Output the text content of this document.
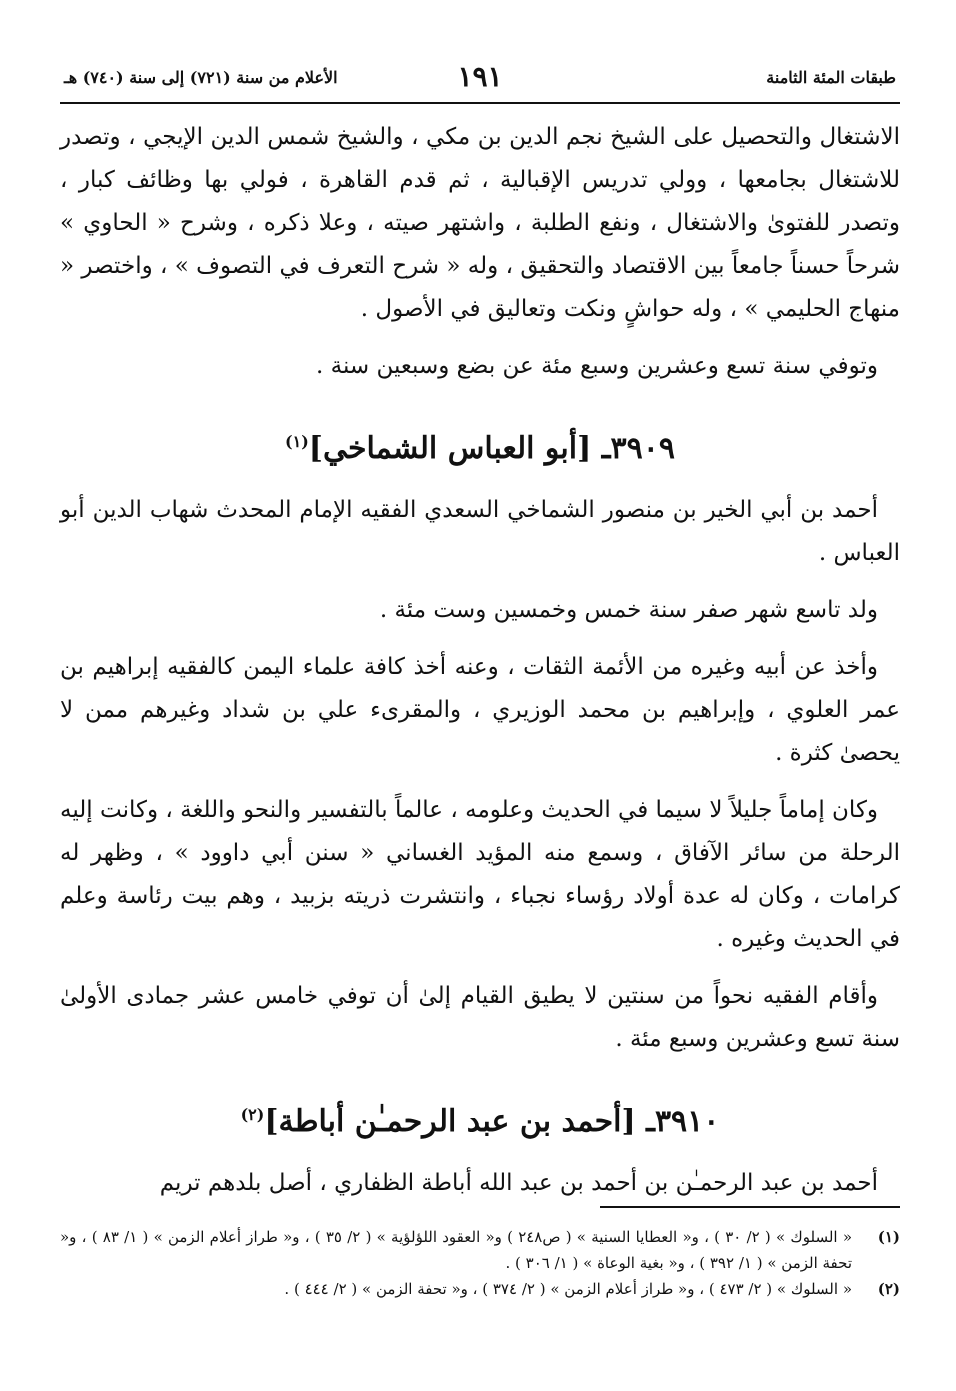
طبقات المئة الثامنة
١٩١
الأعلام من سنة (٧٢١) إلى سنة (٧٤٠) هـ

الاشتغال والتحصيل على الشيخ نجم الدين بن مكي ، والشيخ شمس الدين الإيجي ، وتصدر للاشتغال بجامعها ، وولي تدريس الإقبالية ، ثم قدم القاهرة ، فولي بها وظائف كبار ، وتصدر للفتوىٰ والاشتغال ، ونفع الطلبة ، واشتهر صيته ، وعلا ذكره ، وشرح « الحاوي » شرحاً حسناً جامعاً بين الاقتصاد والتحقيق ، وله « شرح التعرف في التصوف » ، واختصر « منهاج الحليمي » ، وله حواشٍ ونكت وتعاليق في الأصول .

وتوفي سنة تسع وعشرين وسبع مئة عن بضع وسبعين سنة .

٣٩٠٩ـ [أبو العباس الشماخي]$^{(١)}$

أحمد بن أبي الخير بن منصور الشماخي السعدي الفقيه الإمام المحدث شهاب الدين أبو العباس .

ولد تاسع شهر صفر سنة خمس وخمسين وست مئة .

وأخذ عن أبيه وغيره من الأئمة الثقات ، وعنه أخذ كافة علماء اليمن كالفقيه إبراهيم بن عمر العلوي ، وإبراهيم بن محمد الوزيري ، والمقرىء علي بن شداد وغيرهم ممن لا يحصىٰ كثرة .

وكان إماماً جليلاً لا سيما في الحديث وعلومه ، عالماً بالتفسير والنحو واللغة ، وكانت إليه الرحلة من سائر الآفاق ، وسمع منه المؤيد الغساني « سنن أبي داوود » ، وظهر له كرامات ، وكان له عدة أولاد رؤساء نجباء ، وانتشرت ذريته بزبيد ، وهم بيت رئاسة وعلم في الحديث وغيره .

وأقام الفقيه نحواً من سنتين لا يطيق القيام إلىٰ أن توفي خامس عشر جمادى الأولىٰ سنة تسع وعشرين وسبع مئة .

٣٩١٠ـ [أحمد بن عبد الرحمـٰن أباطة]$^{(٢)}$

أحمد بن عبد الرحمـٰن بن أحمد بن عبد الله أباطة الظفاري ، أصل بلدهم تريم

(١)
« السلوك » ( ٢/ ٣٠ ) ، و« العطايا السنية » ( ص٢٤٨ ) و« العقود اللؤلؤية » ( ٢/ ٣٥ ) ، و« طراز أعلام الزمن » ( ١/ ٨٣ ) ، و« تحفة الزمن » ( ١/ ٣٩٢ ) ، و« بغية الوعاة » ( ١/ ٣٠٦ ) .
(٢)
« السلوك » ( ٢/ ٤٧٣ ) ، و« طراز أعلام الزمن » ( ٢/ ٣٧٤ ) ، و« تحفة الزمن » ( ٢/ ٤٤٤ ) .
